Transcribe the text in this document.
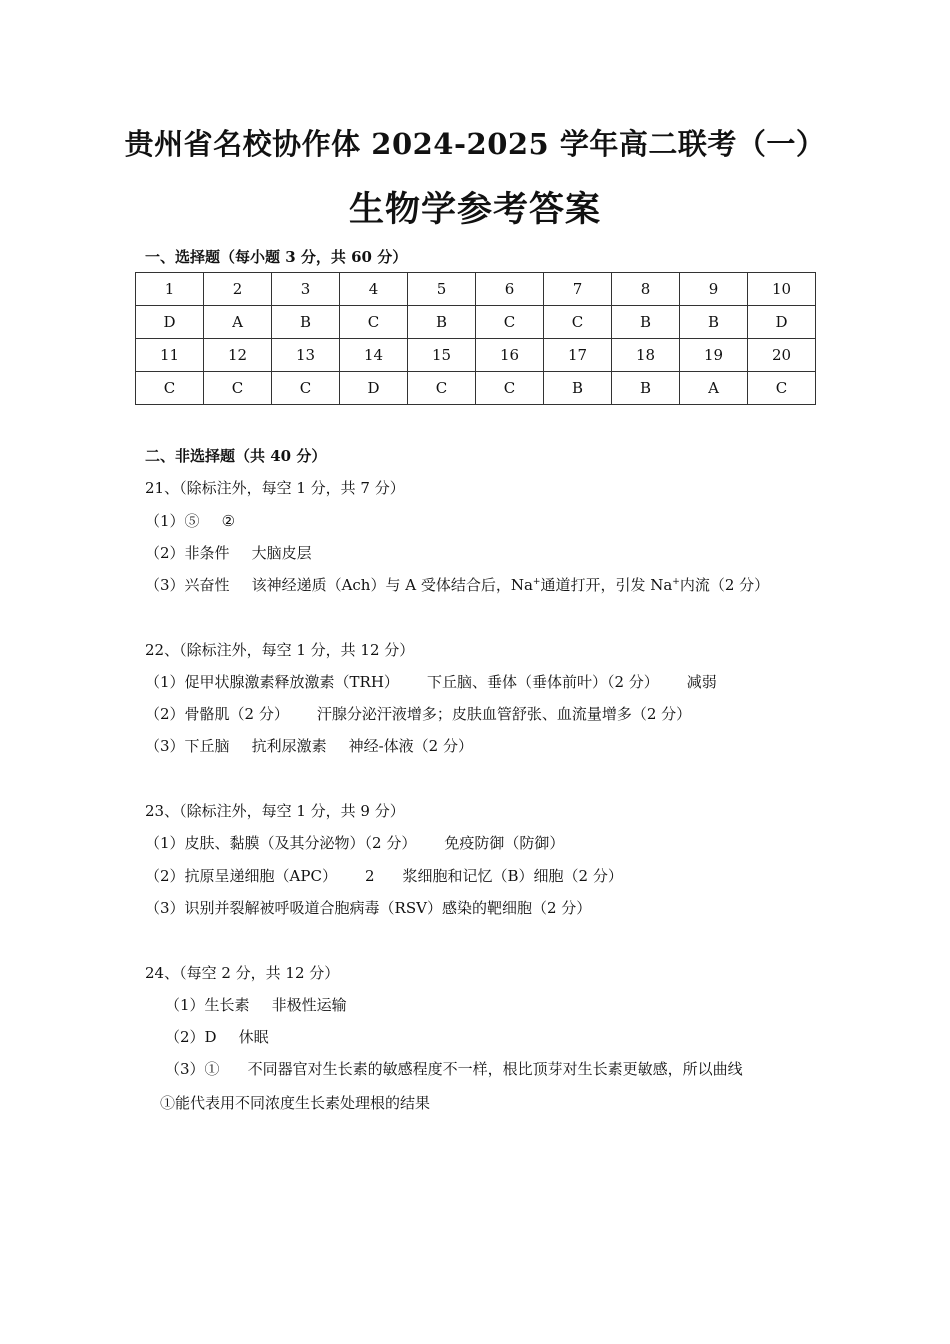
贵州省名校协作体 2024-2025 学年高二联考（一）
生物学参考答案
一、选择题（每小题 3 分，共 60 分）
1	2	3	4	5	6	7	8	9	10
D	A	B	C	B	C	C	B	B	D
11	12	13	14	15	16	17	18	19	20
C	C	C	D	C	C	B	B	A	C
二、非选择题（共 40 分）
21、（除标注外，每空 1 分，共 7 分）
（1）⑤ ②
（2）非条件 大脑皮层
（3）兴奋性 该神经递质（Ach）与 A 受体结合后，Na+通道打开，引发 Na+内流（2 分）
22、（除标注外，每空 1 分，共 12 分）
（1）促甲状腺激素释放激素（TRH） 下丘脑、垂体（垂体前叶）（2 分） 减弱
（2）骨骼肌（2 分） 汗腺分泌汗液增多；皮肤血管舒张、血流量增多（2 分）
（3）下丘脑 抗利尿激素 神经-体液（2 分）
23、（除标注外，每空 1 分，共 9 分）
（1）皮肤、黏膜（及其分泌物）（2 分） 免疫防御（防御）
（2）抗原呈递细胞（APC） 2 浆细胞和记忆（B）细胞（2 分）
（3）识别并裂解被呼吸道合胞病毒（RSV）感染的靶细胞（2 分）
24、（每空 2 分，共 12 分）
（1）生长素 非极性运输
（2）D 休眠
（3）① 不同器官对生长素的敏感程度不一样，根比顶芽对生长素更敏感，所以曲线
①能代表用不同浓度生长素处理根的结果
